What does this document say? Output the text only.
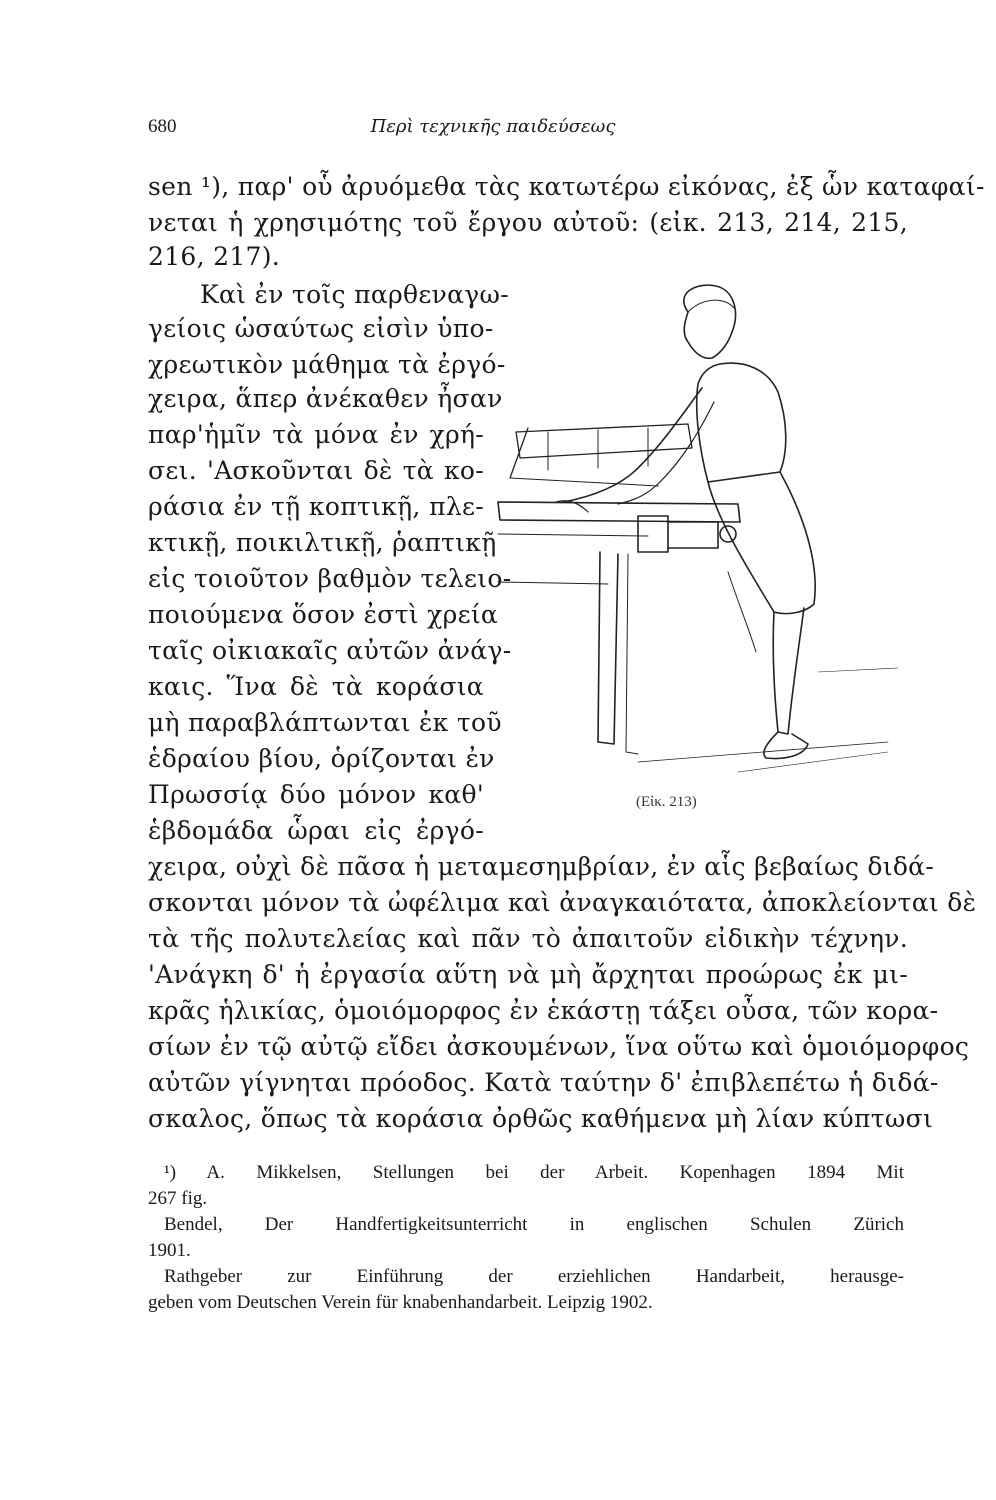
680	Περὶ τεχνικῆς παιδεύσεως
sen ¹), παρ' οὗ ἀρυόμεθα τὰς κατωτέρω εἰκόνας, ἐξ ὧν καταφαί-
νεται ἡ χρησιμότης τοῦ ἔργου αὐτοῦ: (εἰκ. 213, 214, 215,
216, 217).
Καὶ ἐν τοῖς παρθεναγω-
γείοις ὡσαύτως εἰσὶν ὑπο-
χρεωτικὸν μάθημα τὰ ἐργό-
χειρα, ἅπερ ἀνέκαθεν ἦσαν
παρ'ἡμῖν τὰ μόνα ἐν χρή-
σει. 'Ασκοῦνται δὲ τὰ κο-
ράσια ἐν τῇ κοπτικῇ, πλε-
κτικῇ, ποικιλτικῇ, ῥαπτικῇ
εἰς τοιοῦτον βαθμὸν τελειο-
ποιούμενα ὅσον ἐστὶ χρεία
ταῖς οἰκιακαῖς αὐτῶν ἀνάγ-
καις. Ἵνα δὲ τὰ κοράσια
μὴ παραβλάπτωνται ἐκ τοῦ
ἑδραίου βίου, ὁρίζονται ἐν
Πρωσσίᾳ δύο μόνον καθ'
ἑβδομάδα ὧραι εἰς ἐργό-
χειρα, οὐχὶ δὲ πᾶσα ἡ μεταμεσημβρίαν, ἐν αἷς βεβαίως διδά-
σκονται μόνον τὰ ὠφέλιμα καὶ ἀναγκαιότατα, ἀποκλείονται δὲ
τὰ τῆς πολυτελείας καὶ πᾶν τὸ ἀπαιτοῦν εἰδικὴν τέχνην.
'Ανάγκη δ' ἡ ἐργασία αὕτη νὰ μὴ ἄρχηται προώρως ἐκ μι-
κρᾶς ἡλικίας, ὁμοιόμορφος ἐν ἑκάστῃ τάξει οὖσα, τῶν κορα-
σίων ἐν τῷ αὐτῷ εἴδει ἀσκουμένων, ἵνα οὕτω καὶ ὁμοιόμορφος
αὐτῶν γίγνηται πρόοδος. Κατὰ ταύτην δ' ἐπιβλεπέτω ἡ διδά-
σκαλος, ὅπως τὰ κοράσια ὀρθῶς καθήμενα μὴ λίαν κύπτωσι
(Εἰκ. 213)
¹) A. Mikkelsen, Stellungen bei der Arbeit. Kopenhagen 1894 Mit
267 fig.
Bendel, Der Handfertigkeitsunterricht in englischen Schulen Zürich
1901.
Rathgeber zur Einführung der erziehlichen Handarbeit, herausge-
geben vom Deutschen Verein für knabenhandarbeit. Leipzig 1902.
